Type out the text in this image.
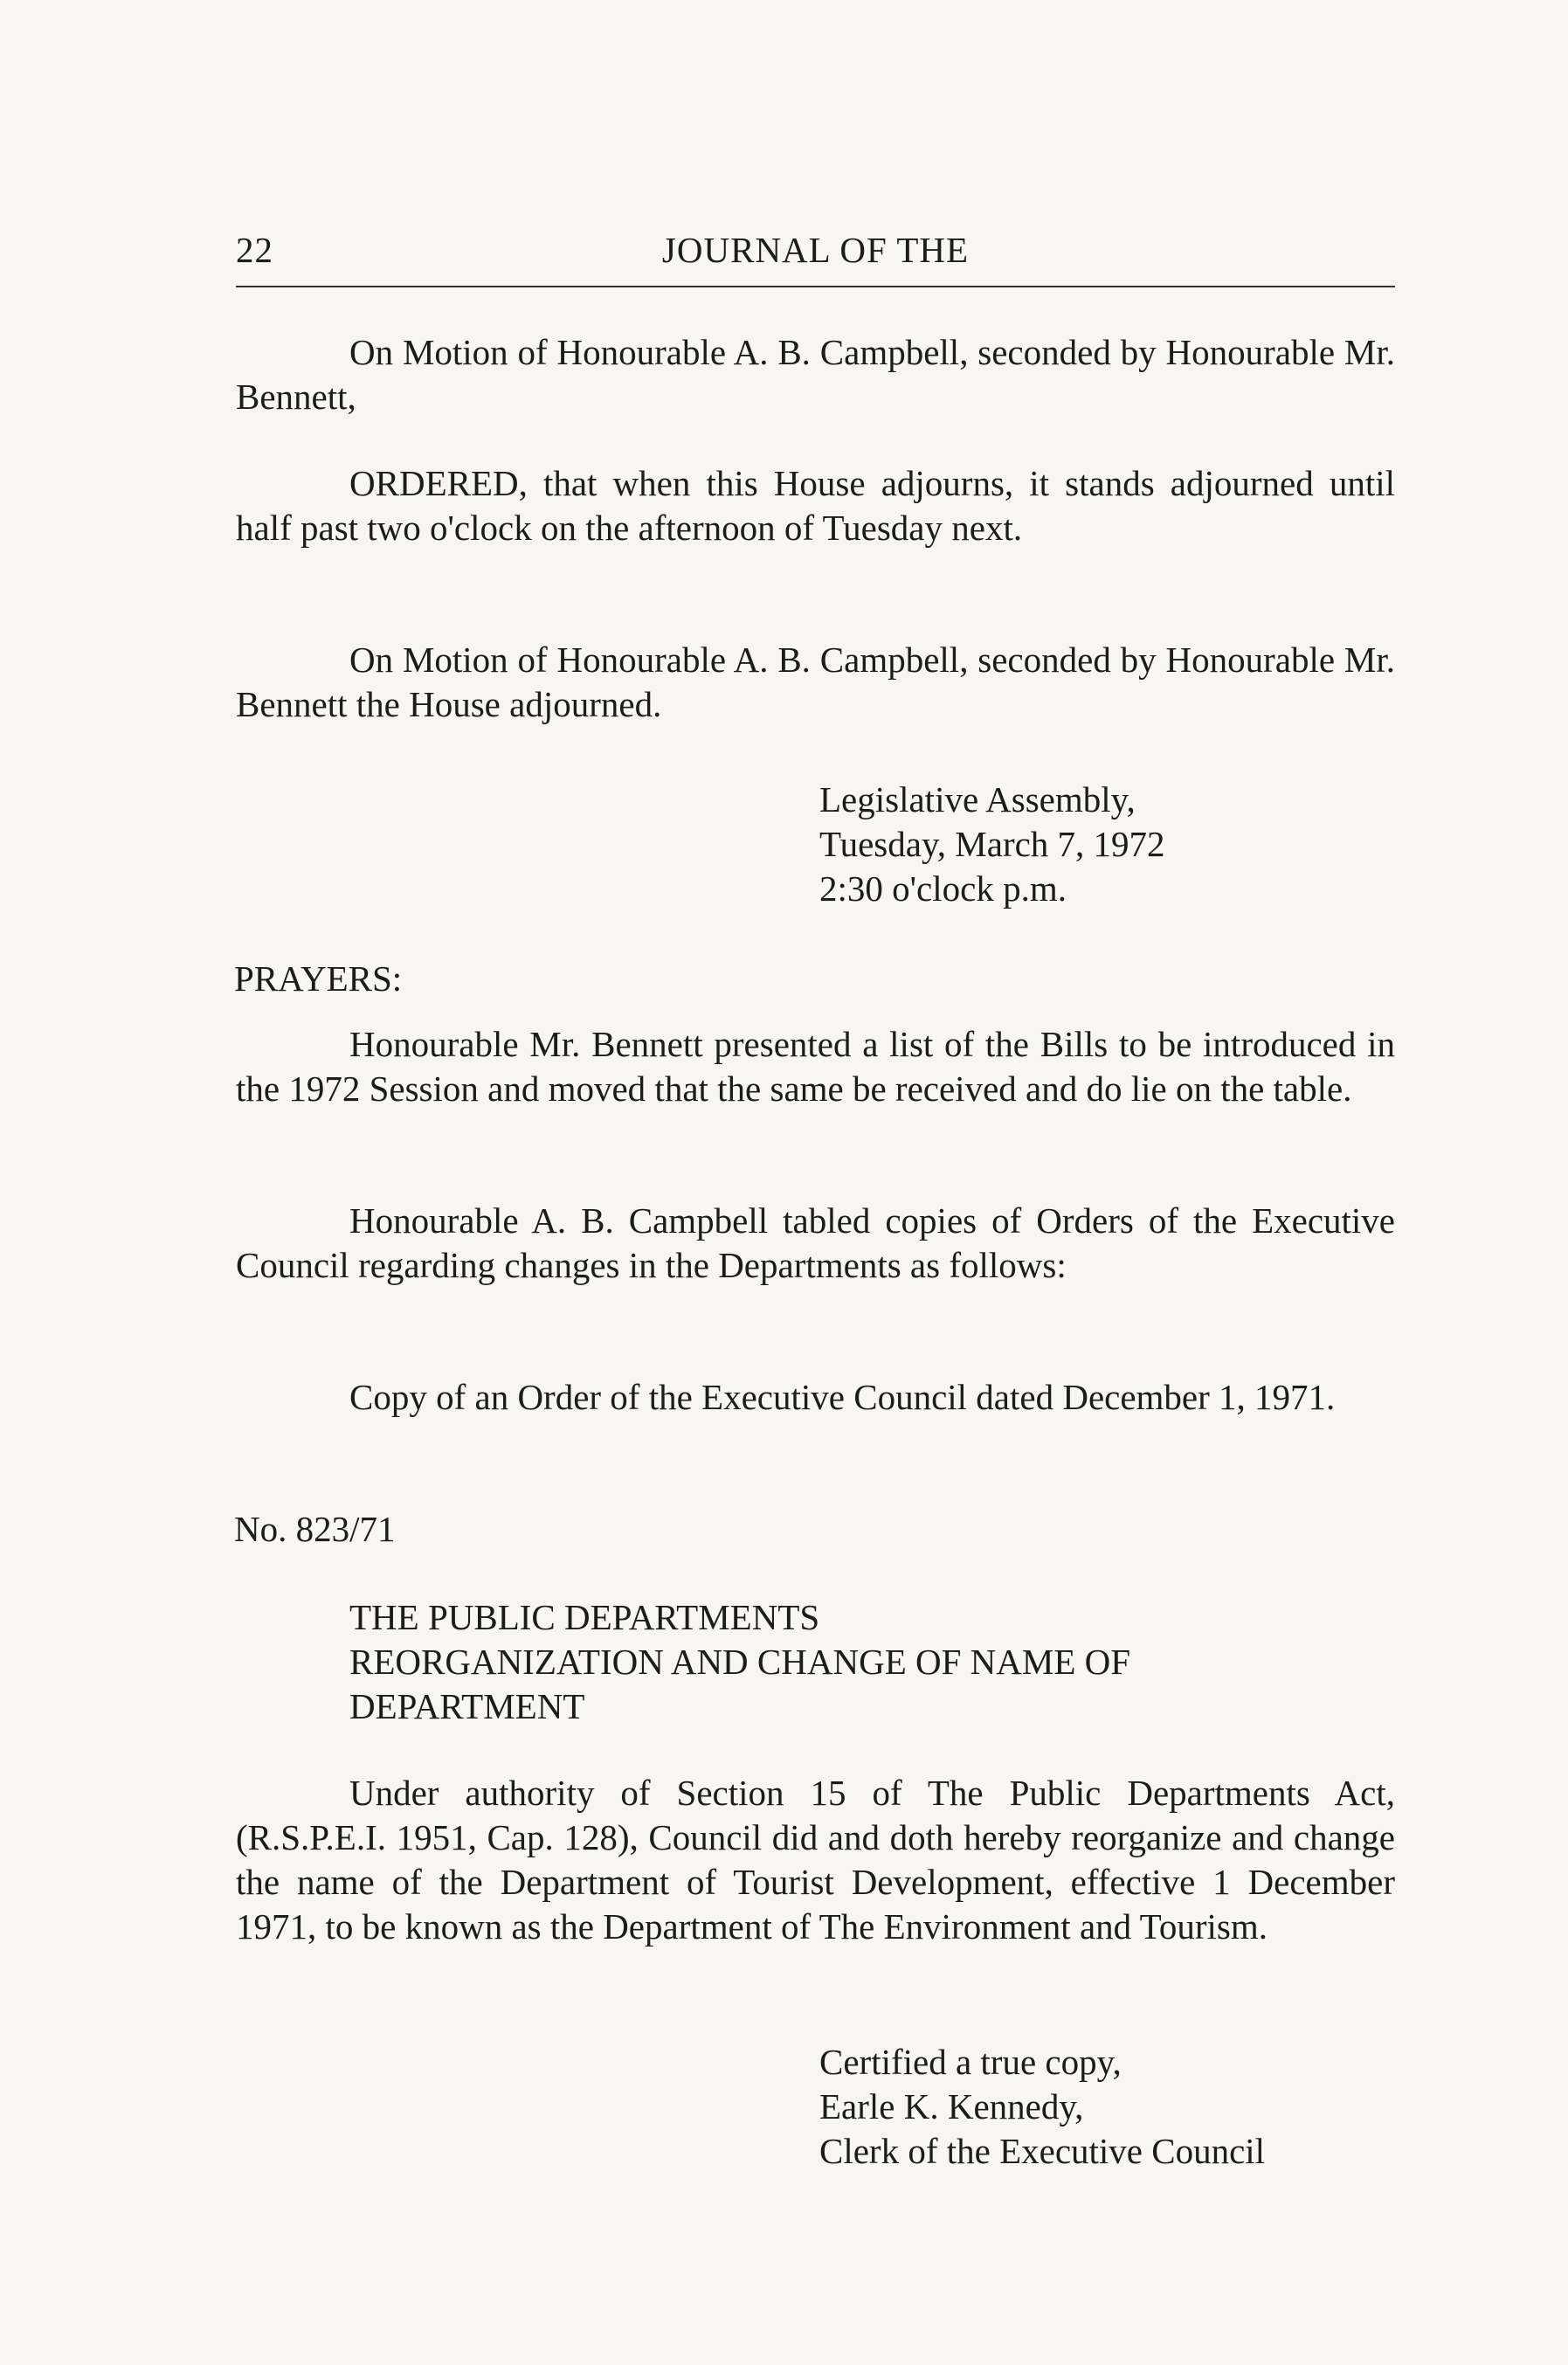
22	JOURNAL OF THE

On Motion of Honourable A. B. Campbell, seconded by Honourable Mr. Bennett,

ORDERED, that when this House adjourns, it stands adjourned until half past two o'clock on the afternoon of Tuesday next.

On Motion of Honourable A. B. Campbell, seconded by Honourable Mr. Bennett the House adjourned.

Legislative Assembly,
Tuesday, March 7, 1972
2:30 o'clock p.m.

PRAYERS:

Honourable Mr. Bennett presented a list of the Bills to be introduced in the 1972 Session and moved that the same be received and do lie on the table.

Honourable A. B. Campbell tabled copies of Orders of the Executive Council regarding changes in the Departments as follows:

Copy of an Order of the Executive Council dated December 1, 1971.

No. 823/71

THE PUBLIC DEPARTMENTS
REORGANIZATION AND CHANGE OF NAME OF
DEPARTMENT

Under authority of Section 15 of The Public Departments Act, (R.S.P.E.I. 1951, Cap. 128), Council did and doth hereby reorganize and change the name of the Department of Tourist Development, effective 1 December 1971, to be known as the Department of The Environment and Tourism.

Certified a true copy,
Earle K. Kennedy,
Clerk of the Executive Council
